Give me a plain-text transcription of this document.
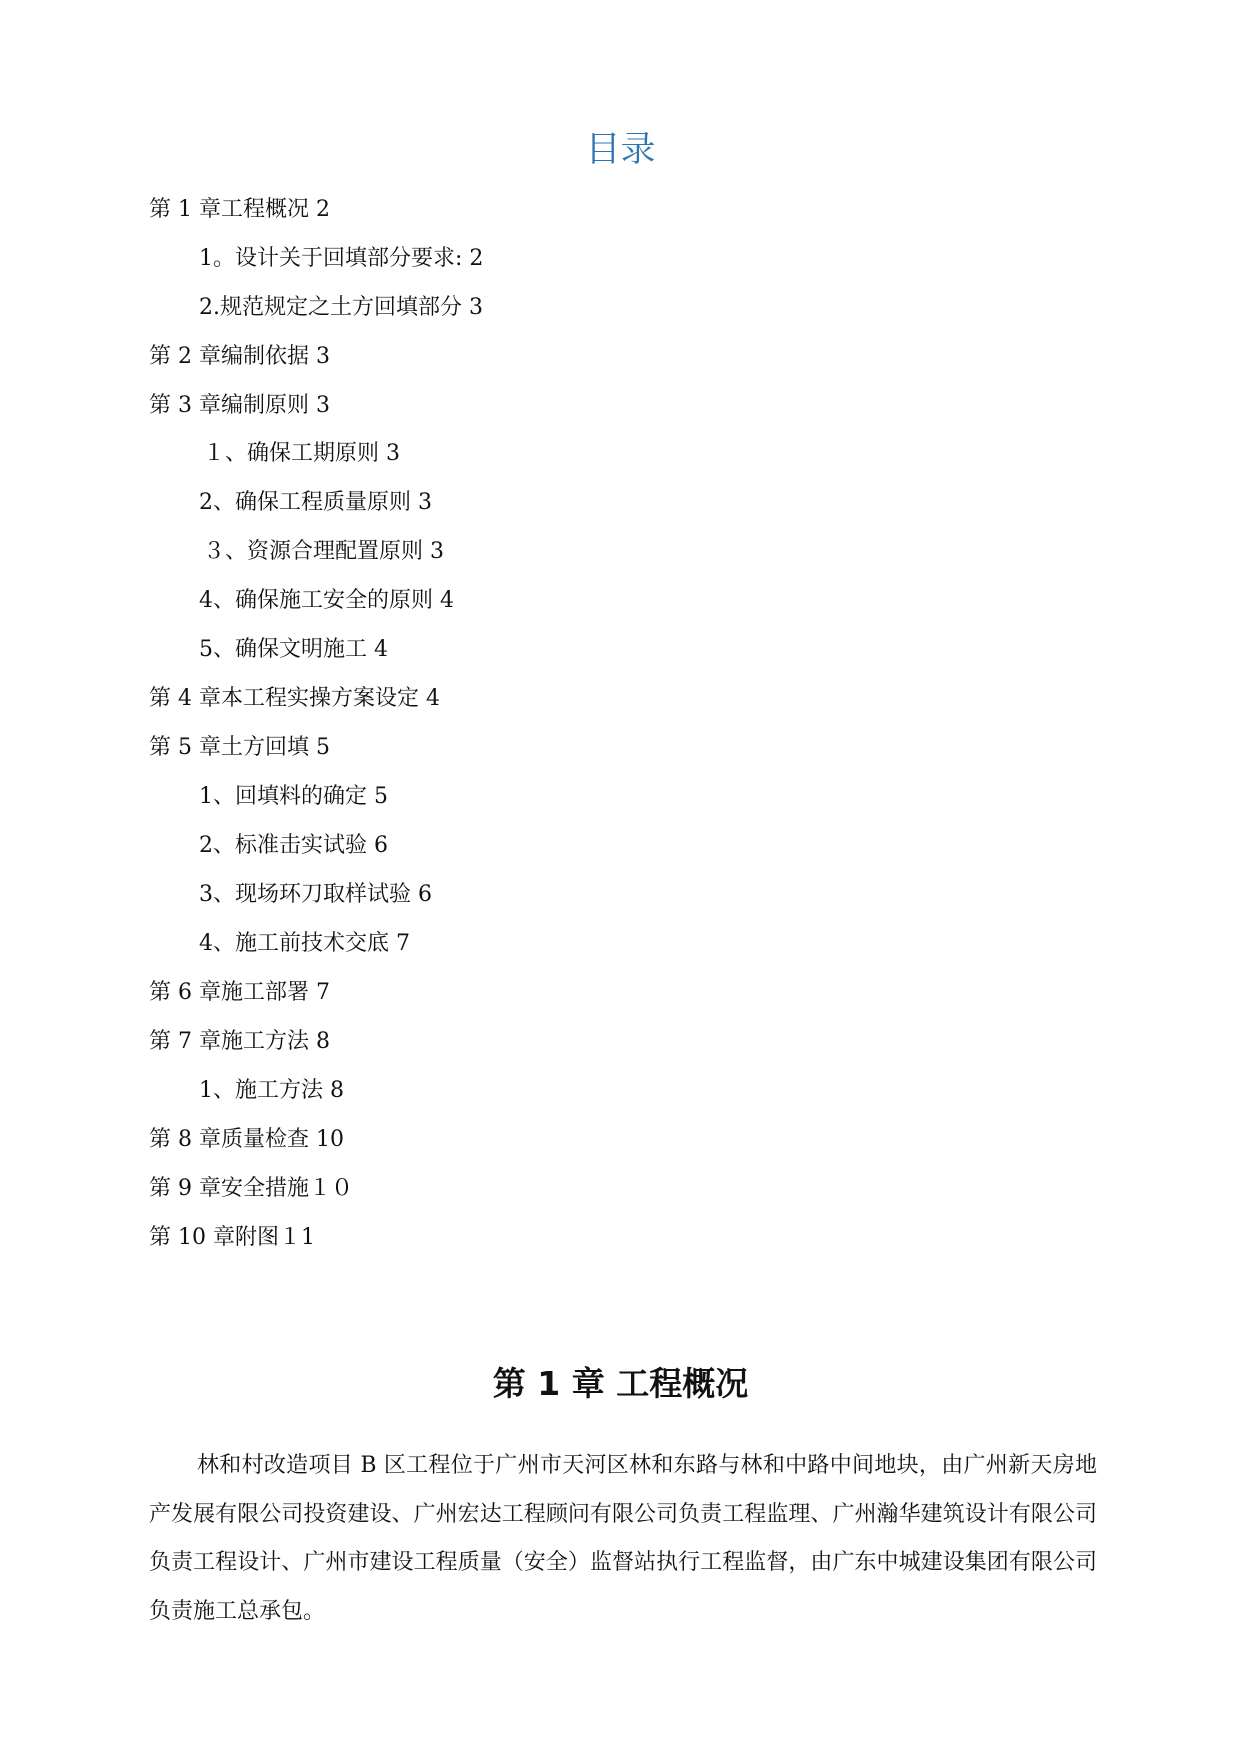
目录
第 1 章工程概况 2
1。设计关于回填部分要求: 2
2.规范规定之土方回填部分 3
第 2 章编制依据 3
第 3 章编制原则 3
１、确保工期原则 3
2、确保工程质量原则 3
３、资源合理配置原则 3
4、确保施工安全的原则 4
5、确保文明施工 4
第 4 章本工程实操方案设定 4
第 5 章土方回填 5
1、回填料的确定 5
2、标准击实试验 6
3、现场环刀取样试验 6
4、施工前技术交底 7
第 6 章施工部署 7
第 7 章施工方法 8
1、施工方法 8
第 8 章质量检查 10
第 9 章安全措施１０
第 10 章附图１1
第 1 章 工程概况

林和村改造项目 B 区工程位于广州市天河区林和东路与林和中路中间地块，由广州新天房地产发展有限公司投资建设、广州宏达工程顾问有限公司负责工程监理、广州瀚华建筑设计有限公司负责工程设计、广州市建设工程质量（安全）监督站执行工程监督，由广东中城建设集团有限公司负责施工总承包。
